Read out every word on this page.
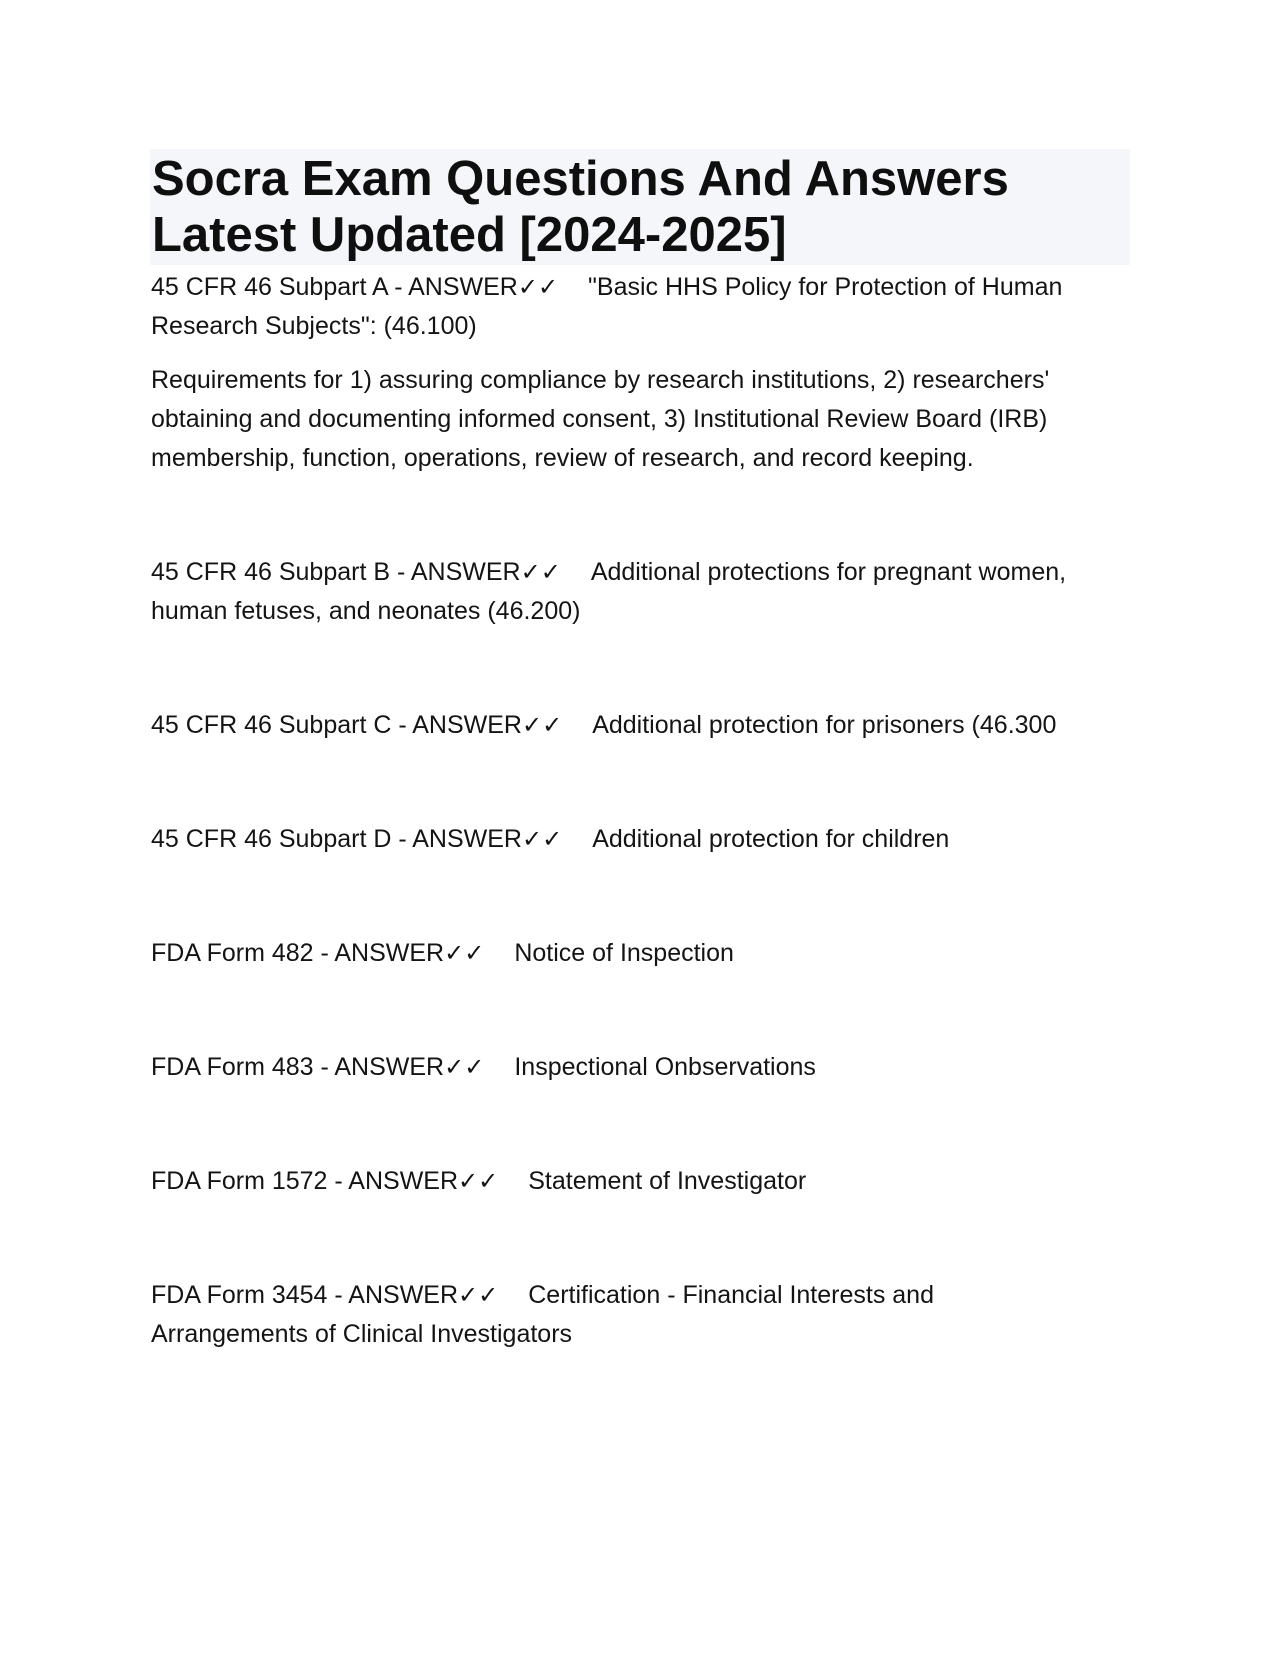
Socra Exam Questions And Answers
Latest Updated [2024-2025]

45 CFR 46 Subpart A - ANSWER✓✓ "Basic HHS Policy for Protection of Human
Research Subjects": (46.100)

Requirements for 1) assuring compliance by research institutions, 2) researchers'
obtaining and documenting informed consent, 3) Institutional Review Board (IRB)
membership, function, operations, review of research, and record keeping.

45 CFR 46 Subpart B - ANSWER✓✓ Additional protections for pregnant women,
human fetuses, and neonates (46.200)

45 CFR 46 Subpart C - ANSWER✓✓ Additional protection for prisoners (46.300

45 CFR 46 Subpart D - ANSWER✓✓ Additional protection for children

FDA Form 482 - ANSWER✓✓ Notice of Inspection

FDA Form 483 - ANSWER✓✓ Inspectional Onbservations

FDA Form 1572 - ANSWER✓✓ Statement of Investigator

FDA Form 3454 - ANSWER✓✓ Certification - Financial Interests and
Arrangements of Clinical Investigators
